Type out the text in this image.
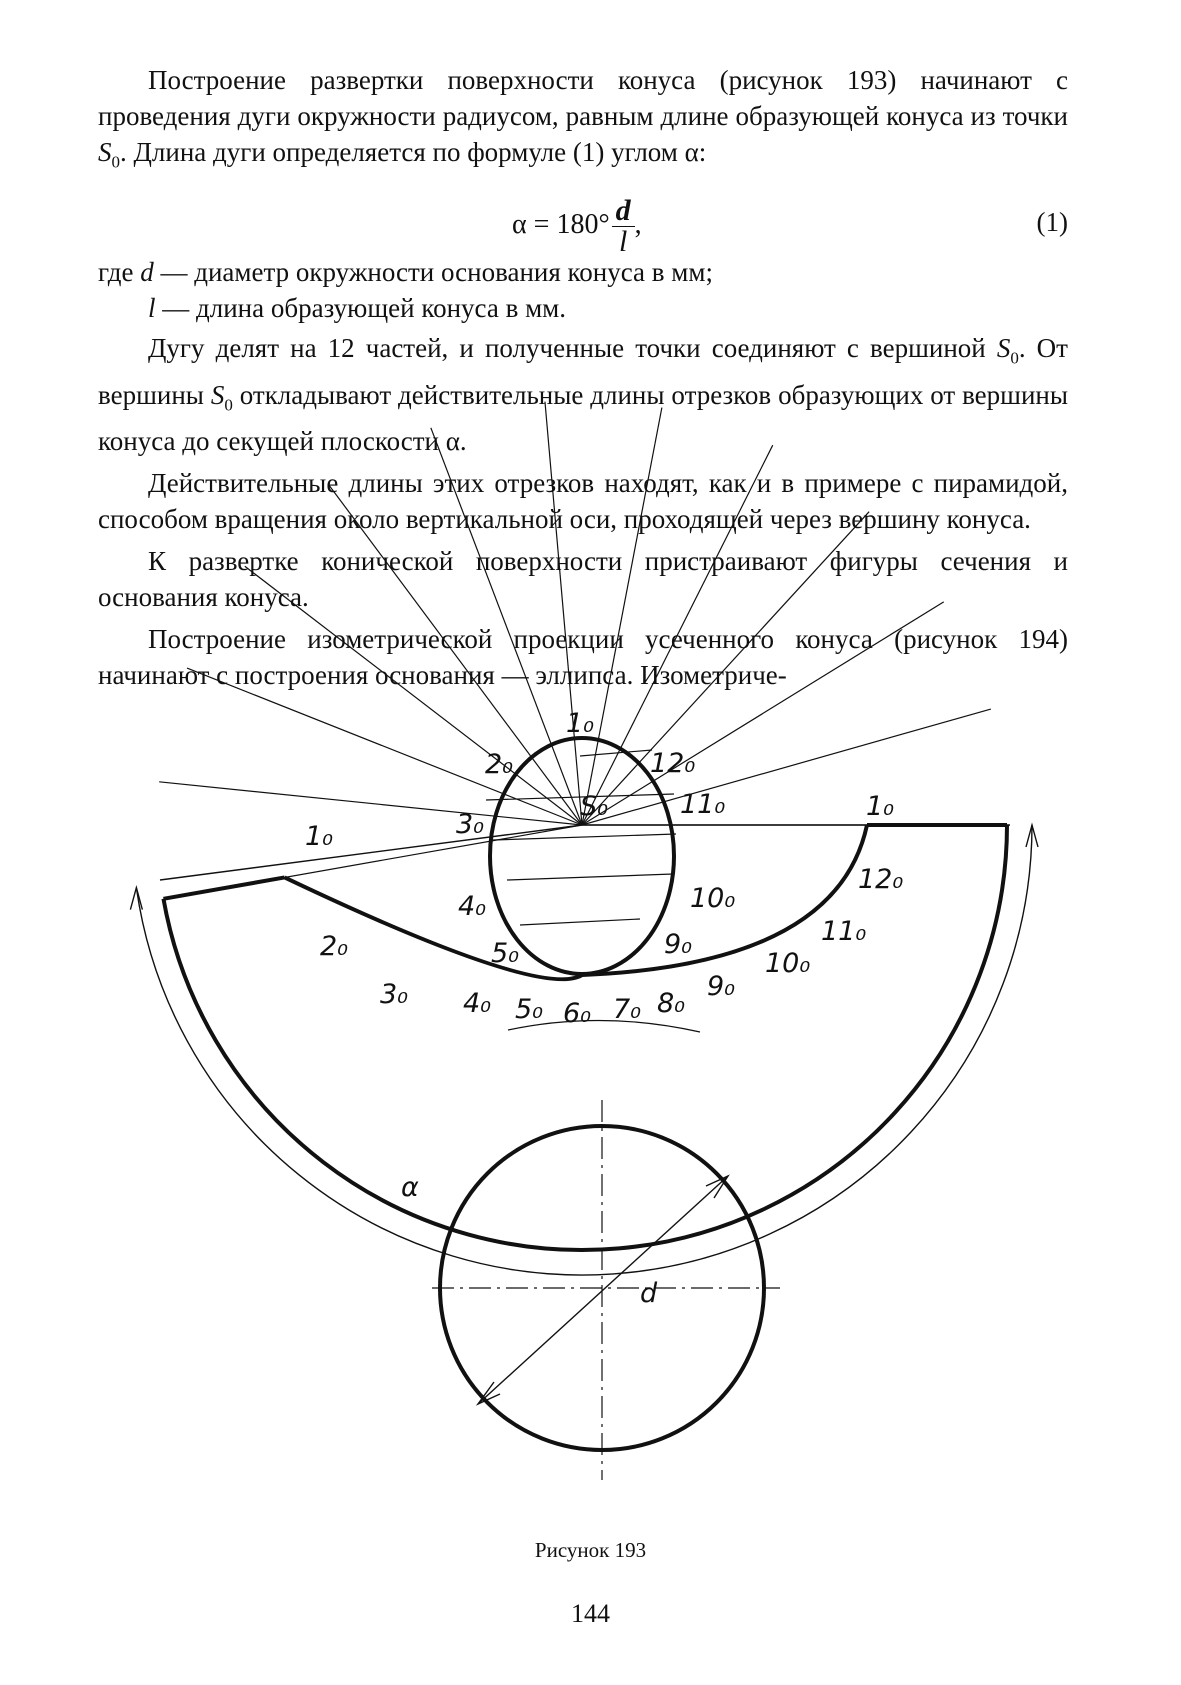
Построение развертки поверхности конуса (рисунок 193) начинают с проведения дуги окружности радиусом, равным длине образующей конуса из точки $S_0$. Длина дуги определяется по формуле (1) углом α:

$\alpha = 180^\circ \frac{d}{l}$ ,	(1)

где d — диаметр окружности основания конуса в мм;

l — длина образующей конуса в мм.

Дугу делят на 12 частей, и полученные точки соединяют с вершиной $S_0$. От вершины $S_0$ откладывают действительные длины отрезков образующих от вершины конуса до секущей плоскости α.

Действительные длины этих отрезков находят, как и в примере с пирамидой, способом вращения около вертикальной оси, проходящей через вершину конуса.

К развертке конической поверхности пристраивают фигуры сечения и основания конуса.

Построение изометрической проекции усеченного конуса (рисунок 194) начинают с построения основания — эллипса. Изометриче-

1₀
2₀
3₀
4₀
5₀	9₀
10₀
11₀
12₀
S₀
1₀
2₀
3₀ 4₀ 5₀ 6₀ 7₀ 8₀
9₀
10₀
11₀
12₀
1₀
α
d
Рисунок 193
144
